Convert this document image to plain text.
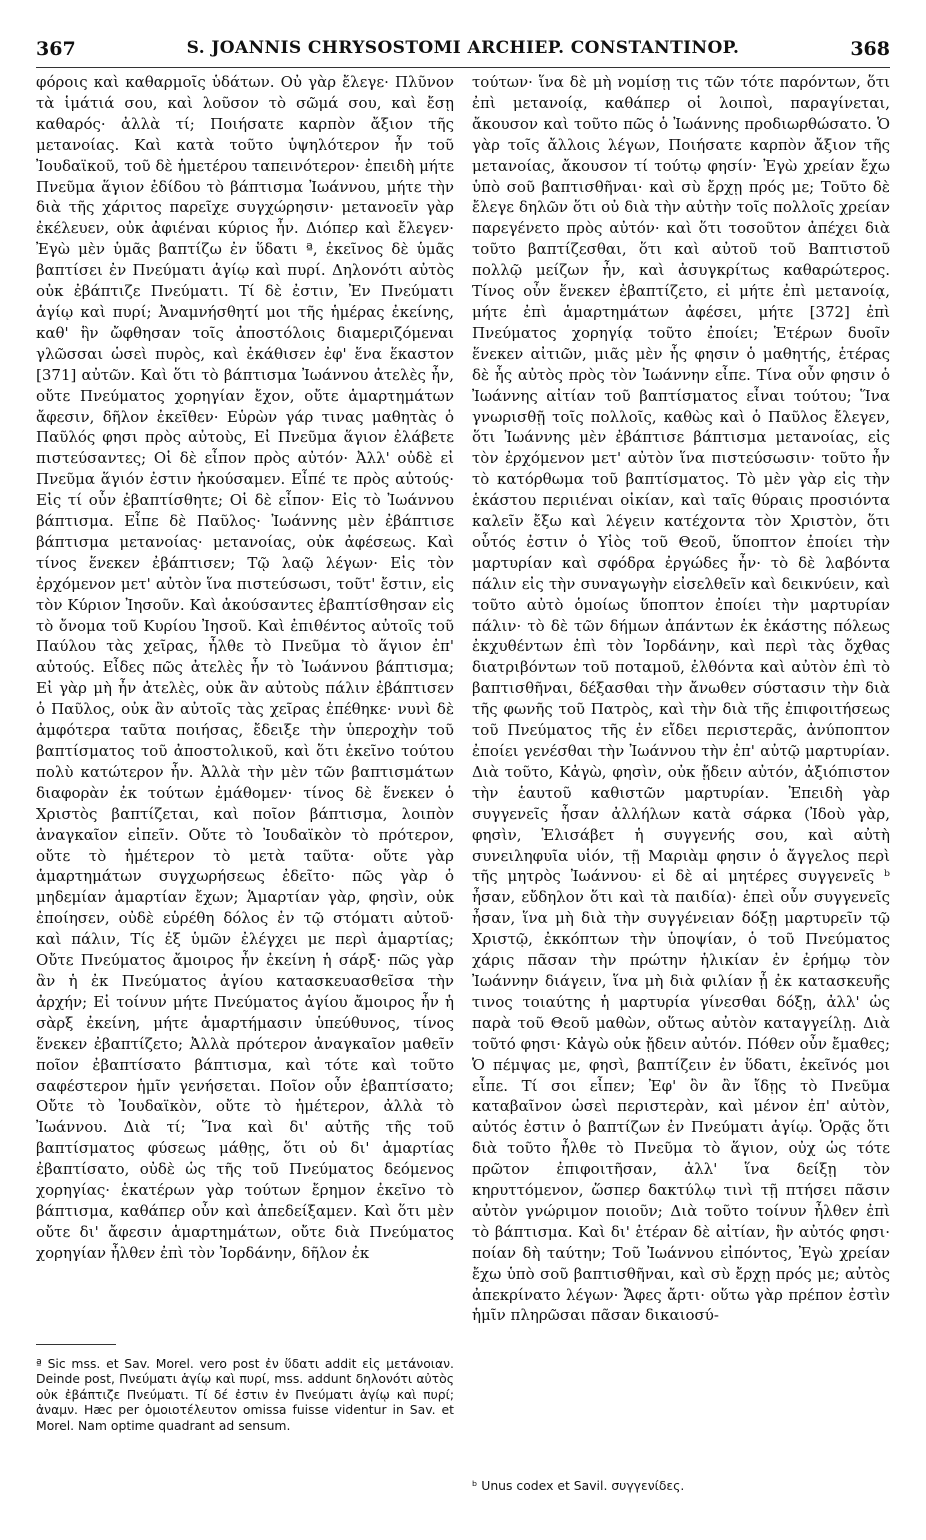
367	S. JOANNIS CHRYSOSTOMI ARCHIEP. CONSTANTINOP.	368

φόροις καὶ καθαρμοῖς ὑδάτων. Οὐ γὰρ ἔλεγε· Πλῦνον τὰ ἱμάτιά σου, καὶ λοῦσον τὸ σῶμά σου, καὶ ἔσῃ καθαρός· ἀλλὰ τί; Ποιήσατε καρπὸν ἄξιον τῆς μετανοίας. Καὶ κατὰ τοῦτο ὑψηλότερον ἦν τοῦ Ἰουδαϊκοῦ, τοῦ δὲ ἡμετέρου ταπεινότερον· ἐπειδὴ μήτε Πνεῦμα ἅγιον ἐδίδου τὸ βάπτισμα Ἰωάννου, μήτε τὴν διὰ τῆς χάριτος παρεῖχε συγχώρησιν· μετανοεῖν γὰρ ἐκέλευεν, οὐκ ἀφιέναι κύριος ἦν. Διόπερ καὶ ἔλεγεν· Ἐγὼ μὲν ὑμᾶς βαπτίζω ἐν ὕδατι ª, ἐκεῖνος δὲ ὑμᾶς βαπτίσει ἐν Πνεύματι ἁγίῳ καὶ πυρί. Δηλονότι αὐτὸς οὐκ ἐβάπτιζε Πνεύματι. Τί δὲ ἐστιν, Ἐν Πνεύματι ἁγίῳ καὶ πυρί; Ἀναμνήσθητί μοι τῆς ἡμέρας ἐκείνης, καθ' ἣν ὤφθησαν τοῖς ἀποστόλοις διαμεριζόμεναι γλῶσσαι ὡσεὶ πυρὸς, καὶ ἐκάθισεν ἐφ' ἕνα ἕκαστον [371] αὐτῶν. Καὶ ὅτι τὸ βάπτισμα Ἰωάννου ἀτελὲς ἦν, οὔτε Πνεύματος χορηγίαν ἔχον, οὔτε ἁμαρτημάτων ἄφεσιν, δῆλον ἐκεῖθεν· Εὑρὼν γάρ τινας μαθητὰς ὁ Παῦλός φησι πρὸς αὐτοὺς, Εἰ Πνεῦμα ἅγιον ἐλάβετε πιστεύσαντες; Οἱ δὲ εἶπον πρὸς αὐτόν· Ἀλλ' οὐδὲ εἰ Πνεῦμα ἅγιόν ἐστιν ἠκούσαμεν. Εἶπέ τε πρὸς αὐτούς· Εἰς τί οὖν ἐβαπτίσθητε; Οἱ δὲ εἶπον· Εἰς τὸ Ἰωάννου βάπτισμα. Εἶπε δὲ Παῦλος· Ἰωάννης μὲν ἐβάπτισε βάπτισμα μετανοίας· μετανοίας, οὐκ ἀφέσεως. Καὶ τίνος ἕνεκεν ἐβάπτισεν; Τῷ λαῷ λέγων· Εἰς τὸν ἐρχόμενον μετ' αὐτὸν ἵνα πιστεύσωσι, τοῦτ' ἔστιν, εἰς τὸν Κύριον Ἰησοῦν. Καὶ ἀκούσαντες ἐβαπτίσθησαν εἰς τὸ ὄνομα τοῦ Κυρίου Ἰησοῦ. Καὶ ἐπιθέντος αὐτοῖς τοῦ Παύλου τὰς χεῖρας, ἦλθε τὸ Πνεῦμα τὸ ἅγιον ἐπ' αὐτούς. Εἶδες πῶς ἀτελὲς ἦν τὸ Ἰωάννου βάπτισμα; Εἰ γὰρ μὴ ἦν ἀτελὲς, οὐκ ἂν αὐτοὺς πάλιν ἐβάπτισεν ὁ Παῦλος, οὐκ ἂν αὐτοῖς τὰς χεῖρας ἐπέθηκε· νυνὶ δὲ ἀμφότερα ταῦτα ποιήσας, ἔδειξε τὴν ὑπεροχὴν τοῦ βαπτίσματος τοῦ ἀποστολικοῦ, καὶ ὅτι ἐκεῖνο τούτου πολὺ κατώτερον ἦν. Ἀλλὰ τὴν μὲν τῶν βαπτισμάτων διαφορὰν ἐκ τούτων ἐμάθομεν· τίνος δὲ ἕνεκεν ὁ Χριστὸς βαπτίζεται, καὶ ποῖον βάπτισμα, λοιπὸν ἀναγκαῖον εἰπεῖν. Οὔτε τὸ Ἰουδαϊκὸν τὸ πρότερον, οὔτε τὸ ἡμέτερον τὸ μετὰ ταῦτα· οὔτε γὰρ ἁμαρτημάτων συγχωρήσεως ἐδεῖτο· πῶς γὰρ ὁ μηδεμίαν ἁμαρτίαν ἔχων; Ἁμαρτίαν γὰρ, φησὶν, οὐκ ἐποίησεν, οὐδὲ εὑρέθη δόλος ἐν τῷ στόματι αὐτοῦ· καὶ πάλιν, Τίς ἐξ ὑμῶν ἐλέγχει με περὶ ἁμαρτίας; Οὔτε Πνεύματος ἄμοιρος ἦν ἐκείνη ἡ σάρξ· πῶς γὰρ ἂν ἡ ἐκ Πνεύματος ἁγίου κατασκευασθεῖσα τὴν ἀρχήν; Εἰ τοίνυν μήτε Πνεύματος ἁγίου ἄμοιρος ἦν ἡ σὰρξ ἐκείνη, μήτε ἁμαρτήμασιν ὑπεύθυνος, τίνος ἕνεκεν ἐβαπτίζετο; Ἀλλὰ πρότερον ἀναγκαῖον μαθεῖν ποῖον ἐβαπτίσατο βάπτισμα, καὶ τότε καὶ τοῦτο σαφέστερον ἡμῖν γενήσεται. Ποῖον οὖν ἐβαπτίσατο; Οὔτε τὸ Ἰουδαϊκὸν, οὔτε τὸ ἡμέτερον, ἀλλὰ τὸ Ἰωάννου. Διὰ τί; Ἵνα καὶ δι' αὐτῆς τῆς τοῦ βαπτίσματος φύσεως μάθῃς, ὅτι οὐ δι' ἁμαρτίας ἐβαπτίσατο, οὐδὲ ὡς τῆς τοῦ Πνεύματος δεόμενος χορηγίας· ἑκατέρων γὰρ τούτων ἔρημον ἐκεῖνο τὸ βάπτισμα, καθάπερ οὖν καὶ ἀπεδείξαμεν. Καὶ ὅτι μὲν οὔτε δι' ἄφεσιν ἁμαρτημάτων, οὔτε διὰ Πνεύματος χορηγίαν ἦλθεν ἐπὶ τὸν Ἰορδάνην, δῆλον ἐκ

τούτων· ἵνα δὲ μὴ νομίσῃ τις τῶν τότε παρόντων, ὅτι ἐπὶ μετανοίᾳ, καθάπερ οἱ λοιποὶ, παραγίνεται, ἄκουσον καὶ τοῦτο πῶς ὁ Ἰωάννης προδιωρθώσατο. Ὁ γὰρ τοῖς ἄλλοις λέγων, Ποιήσατε καρπὸν ἄξιον τῆς μετανοίας, ἄκουσον τί τούτῳ φησίν· Ἐγὼ χρείαν ἔχω ὑπὸ σοῦ βαπτισθῆναι· καὶ σὺ ἔρχῃ πρός με; Τοῦτο δὲ ἔλεγε δηλῶν ὅτι οὐ διὰ τὴν αὐτὴν τοῖς πολλοῖς χρείαν παρεγένετο πρὸς αὐτόν· καὶ ὅτι τοσοῦτον ἀπέχει διὰ τοῦτο βαπτίζεσθαι, ὅτι καὶ αὐτοῦ τοῦ Βαπτιστοῦ πολλῷ μείζων ἦν, καὶ ἀσυγκρίτως καθαρώτερος. Τίνος οὖν ἕνεκεν ἐβαπτίζετο, εἰ μήτε ἐπὶ μετανοίᾳ, μήτε ἐπὶ ἁμαρτημάτων ἀφέσει, μήτε [372] ἐπὶ Πνεύματος χορηγίᾳ τοῦτο ἐποίει; Ἑτέρων δυοῖν ἕνεκεν αἰτιῶν, μιᾶς μὲν ἧς φησιν ὁ μαθητής, ἑτέρας δὲ ἧς αὐτὸς πρὸς τὸν Ἰωάννην εἶπε. Τίνα οὖν φησιν ὁ Ἰωάννης αἰτίαν τοῦ βαπτίσματος εἶναι τούτου; Ἵνα γνωρισθῇ τοῖς πολλοῖς, καθὼς καὶ ὁ Παῦλος ἔλεγεν, ὅτι Ἰωάννης μὲν ἐβάπτισε βάπτισμα μετανοίας, εἰς τὸν ἐρχόμενον μετ' αὐτὸν ἵνα πιστεύσωσιν· τοῦτο ἦν τὸ κατόρθωμα τοῦ βαπτίσματος. Τὸ μὲν γὰρ εἰς τὴν ἑκάστου περιιέναι οἰκίαν, καὶ ταῖς θύραις προσιόντα καλεῖν ἔξω καὶ λέγειν κατέχοντα τὸν Χριστὸν, ὅτι οὗτός ἐστιν ὁ Υἱὸς τοῦ Θεοῦ, ὕποπτον ἐποίει τὴν μαρτυρίαν καὶ σφόδρα ἐργώδες ἦν· τὸ δὲ λαβόντα πάλιν εἰς τὴν συναγωγὴν εἰσελθεῖν καὶ δεικνύειν, καὶ τοῦτο αὐτὸ ὁμοίως ὕποπτον ἐποίει τὴν μαρτυρίαν πάλιν· τὸ δὲ τῶν δήμων ἁπάντων ἐκ ἑκάστης πόλεως ἐκχυθέντων ἐπὶ τὸν Ἰορδάνην, καὶ περὶ τὰς ὄχθας διατριβόντων τοῦ ποταμοῦ, ἐλθόντα καὶ αὐτὸν ἐπὶ τὸ βαπτισθῆναι, δέξασθαι τὴν ἄνωθεν σύστασιν τὴν διὰ τῆς φωνῆς τοῦ Πατρὸς, καὶ τὴν διὰ τῆς ἐπιφοιτήσεως τοῦ Πνεύματος τῆς ἐν εἴδει περιστερᾶς, ἀνύποπτον ἐποίει γενέσθαι τὴν Ἰωάννου τὴν ἐπ' αὐτῷ μαρτυρίαν. Διὰ τοῦτο, Κἀγὼ, φησὶν, οὐκ ᾔδειν αὐτόν, ἀξιόπιστον τὴν ἑαυτοῦ καθιστῶν μαρτυρίαν. Ἐπειδὴ γὰρ συγγενεῖς ἦσαν ἀλλήλων κατὰ σάρκα (Ἰδοὺ γὰρ, φησὶν, Ἐλισάβετ ἡ συγγενής σου, καὶ αὐτὴ συνειληφυῖα υἱόν, τῇ Μαριὰμ φησιν ὁ ἄγγελος περὶ τῆς μητρὸς Ἰωάννου· εἰ δὲ αἱ μητέρες συγγενεῖς ᵇ ἦσαν, εὔδηλον ὅτι καὶ τὰ παιδία)· ἐπεὶ οὖν συγγενεῖς ἦσαν, ἵνα μὴ διὰ τὴν συγγένειαν δόξῃ μαρτυρεῖν τῷ Χριστῷ, ἐκκόπτων τὴν ὑποψίαν, ὁ τοῦ Πνεύματος χάρις πᾶσαν τὴν πρώτην ἡλικίαν ἐν ἐρήμῳ τὸν Ἰωάννην διάγειν, ἵνα μὴ διὰ φιλίαν ᾖ ἐκ κατασκευῆς τινος τοιαύτης ἡ μαρτυρία γίνεσθαι δόξῃ, ἀλλ' ὡς παρὰ τοῦ Θεοῦ μαθὼν, οὕτως αὐτὸν καταγγείλῃ. Διὰ τοῦτό φησι· Κἀγὼ οὐκ ᾔδειν αὐτόν. Πόθεν οὖν ἔμαθες; Ὁ πέμψας με, φησὶ, βαπτίζειν ἐν ὕδατι, ἐκεῖνός μοι εἶπε. Τί σοι εἶπεν; Ἐφ' ὃν ἂν ἴδῃς τὸ Πνεῦμα καταβαῖνον ὡσεὶ περιστερὰν, καὶ μένον ἐπ' αὐτὸν, αὐτός ἐστιν ὁ βαπτίζων ἐν Πνεύματι ἁγίῳ. Ὁρᾷς ὅτι διὰ τοῦτο ἦλθε τὸ Πνεῦμα τὸ ἅγιον, οὐχ ὡς τότε πρῶτον ἐπιφοιτῆσαν, ἀλλ' ἵνα δείξῃ τὸν κηρυττόμενον, ὥσπερ δακτύλῳ τινὶ τῇ πτήσει πᾶσιν αὐτὸν γνώριμον ποιοῦν; Διὰ τοῦτο τοίνυν ἦλθεν ἐπὶ τὸ βάπτισμα. Καὶ δι' ἑτέραν δὲ αἰτίαν, ἣν αὐτός φησι· ποίαν δὴ ταύτην; Τοῦ Ἰωάννου εἰπόντος, Ἐγὼ χρείαν ἔχω ὑπὸ σοῦ βαπτισθῆναι, καὶ σὺ ἔρχῃ πρός με; αὐτὸς ἀπεκρίνατο λέγων· Ἄφες ἄρτι· οὕτω γὰρ πρέπον ἐστὶν ἡμῖν πληρῶσαι πᾶσαν δικαιοσύ-

ª Sic mss. et Sav. Morel. vero post ἐν ὕδατι addit εἰς μετάνοιαν. Deinde post, Πνεύματι ἁγίῳ καὶ πυρί, mss. addunt δηλονότι αὐτὸς οὐκ ἐβάπτιζε Πνεύματι. Τί δέ ἐστιν ἐν Πνεύματι ἁγίῳ καὶ πυρί; ἀναμν. Hæc per ὁμοιοτέλευτον omissa fuisse videntur in Sav. et Morel. Nam optime quadrant ad sensum.
ᵇ Unus codex et Savil. συγγενίδες.
